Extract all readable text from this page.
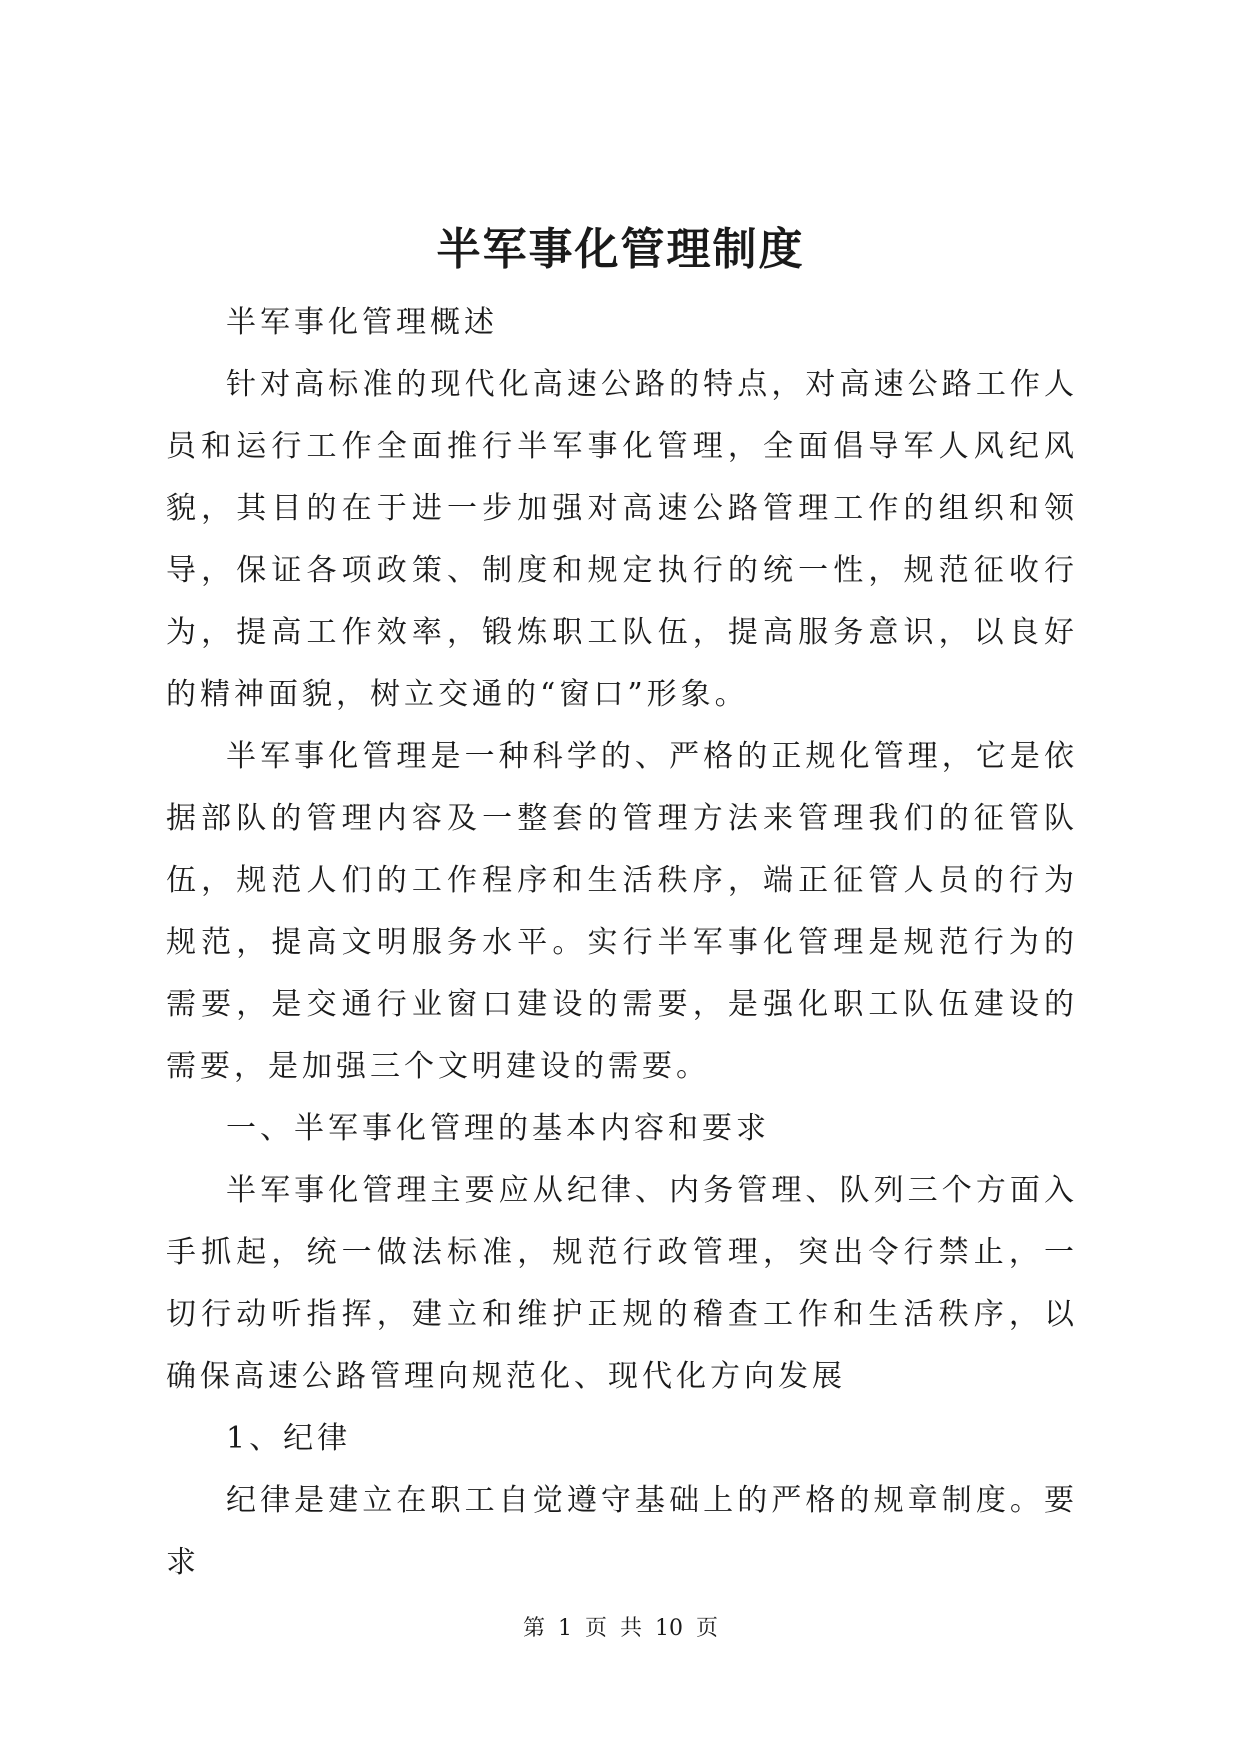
半军事化管理制度

半军事化管理概述

针对高标准的现代化高速公路的特点，对高速公路工作人员和运行工作全面推行半军事化管理，全面倡导军人风纪风貌，其目的在于进一步加强对高速公路管理工作的组织和领导，保证各项政策、制度和规定执行的统一性，规范征收行为，提高工作效率，锻炼职工队伍，提高服务意识，以良好的精神面貌，树立交通的“窗口”形象。

半军事化管理是一种科学的、严格的正规化管理，它是依据部队的管理内容及一整套的管理方法来管理我们的征管队伍，规范人们的工作程序和生活秩序，端正征管人员的行为规范，提高文明服务水平。实行半军事化管理是规范行为的需要，是交通行业窗口建设的需要，是强化职工队伍建设的需要，是加强三个文明建设的需要。

一、半军事化管理的基本内容和要求

半军事化管理主要应从纪律、内务管理、队列三个方面入手抓起，统一做法标准，规范行政管理，突出令行禁止，一切行动听指挥，建立和维护正规的稽查工作和生活秩序，以确保高速公路管理向规范化、现代化方向发展

1、纪律

纪律是建立在职工自觉遵守基础上的严格的规章制度。要求

第 1 页 共 10 页
